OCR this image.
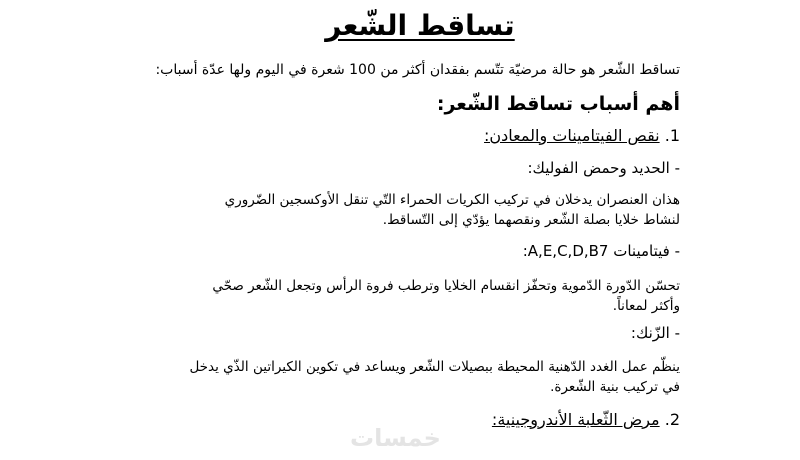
تساقط الشّعر
تساقط الشّعر هو حالة مرضيّة تتّسم بفقدان أكثر من 100 شعرة في اليوم ولها عدّة أسباب:
أهم أسباب تساقط الشّعر:
1. نقص الفيتامينات والمعادن:
- الحديد وحمض الفوليك:
هذان العنصران يدخلان في تركيب الكريات الحمراء التّي تنقل الأوكسجين الضّروري
لنشاط خلايا بصلة الشّعر ونقصهما يؤدّي إلى التّساقط.
- فيتامينات A,E,C,D,B7:
تحسّن الدّورة الدّموية وتحفّز انقسام الخلايا وترطب فروة الرأس وتجعل الشّعر صحّي
وأكثر لمعاناً.
- الزّنك:
ينظّم عمل الغدد الدّهنية المحيطة ببصيلات الشّعر ويساعد في تكوين الكيراتين الذّي يدخل
في تركيب بنية الشّعرة.
2. مرض الثّعلبة الأندروجينية:
خمسات
